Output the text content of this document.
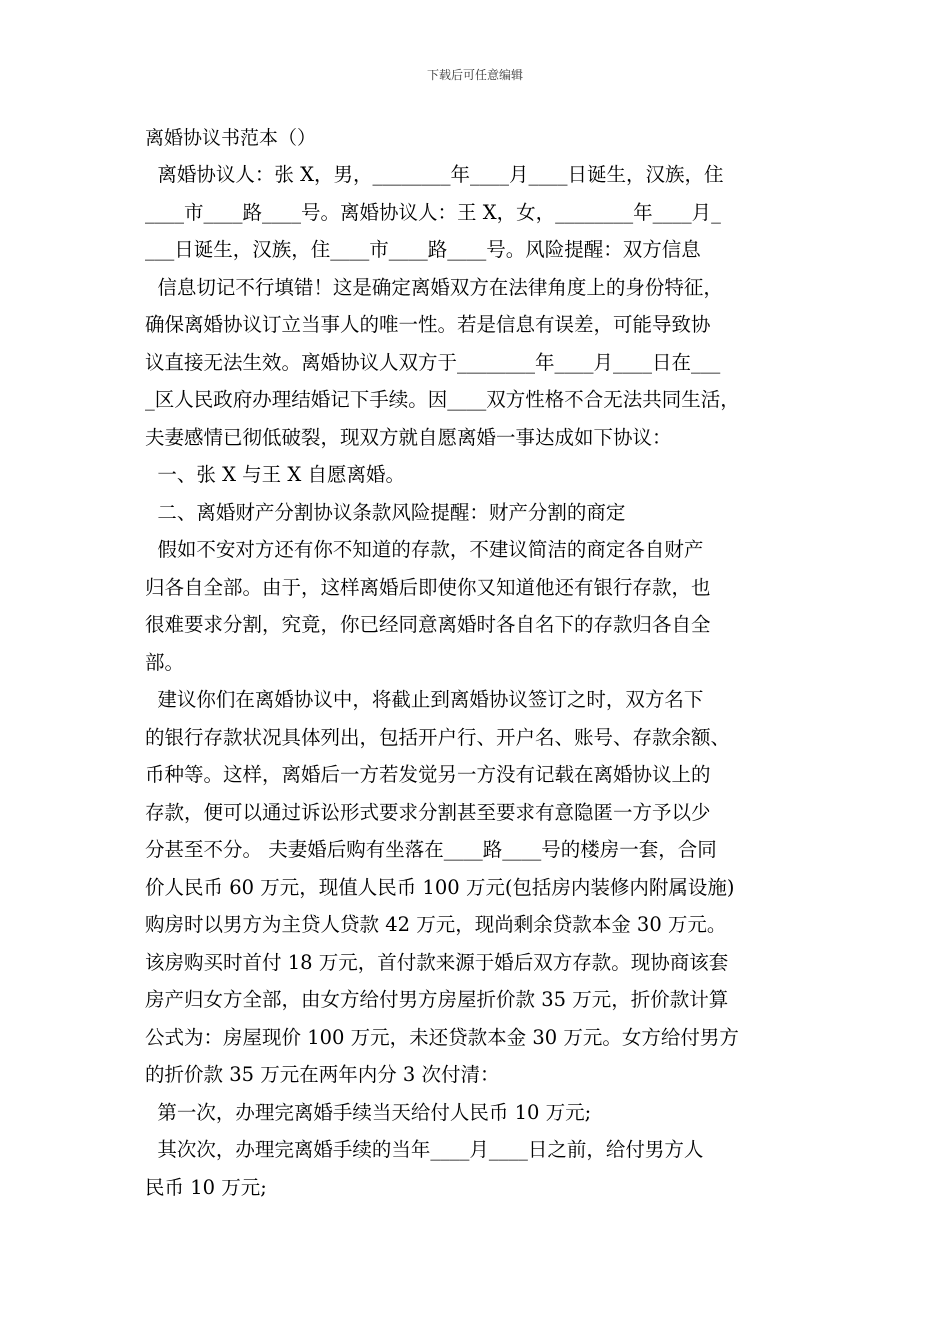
下载后可任意编辑
离婚协议书范本（）
离婚协议人：张 X，男，________年____月____日诞生，汉族，住
____市____路____号。离婚协议人：王 X，女，________年____月_
___日诞生，汉族，住____市____路____号。风险提醒：双方信息
信息切记不行填错！这是确定离婚双方在法律角度上的身份特征，
确保离婚协议订立当事人的唯一性。若是信息有误差，可能导致协
议直接无法生效。离婚协议人双方于________年____月____日在___
_区人民政府办理结婚记下手续。因____双方性格不合无法共同生活，
夫妻感情已彻低破裂，现双方就自愿离婚一事达成如下协议：
一、张 X 与王 X 自愿离婚。
二、离婚财产分割协议条款风险提醒：财产分割的商定
假如不安对方还有你不知道的存款，不建议简洁的商定各自财产
归各自全部。由于，这样离婚后即使你又知道他还有银行存款，也
很难要求分割，究竟，你已经同意离婚时各自名下的存款归各自全
部。
建议你们在离婚协议中，将截止到离婚协议签订之时，双方名下
的银行存款状况具体列出，包括开户行、开户名、账号、存款余额、
币种等。这样，离婚后一方若发觉另一方没有记载在离婚协议上的
存款，便可以通过诉讼形式要求分割甚至要求有意隐匿一方予以少
分甚至不分。 夫妻婚后购有坐落在____路____号的楼房一套，合同
价人民币 60 万元，现值人民币 100 万元(包括房内装修内附属设施)
购房时以男方为主贷人贷款 42 万元，现尚剩余贷款本金 30 万元。
该房购买时首付 18 万元，首付款来源于婚后双方存款。现协商该套
房产归女方全部，由女方给付男方房屋折价款 35 万元，折价款计算
公式为：房屋现价 100 万元，未还贷款本金 30 万元。女方给付男方
的折价款 35 万元在两年内分 3 次付清：
第一次，办理完离婚手续当天给付人民币 10 万元;
其次次，办理完离婚手续的当年____月____日之前，给付男方人
民币 10 万元;
